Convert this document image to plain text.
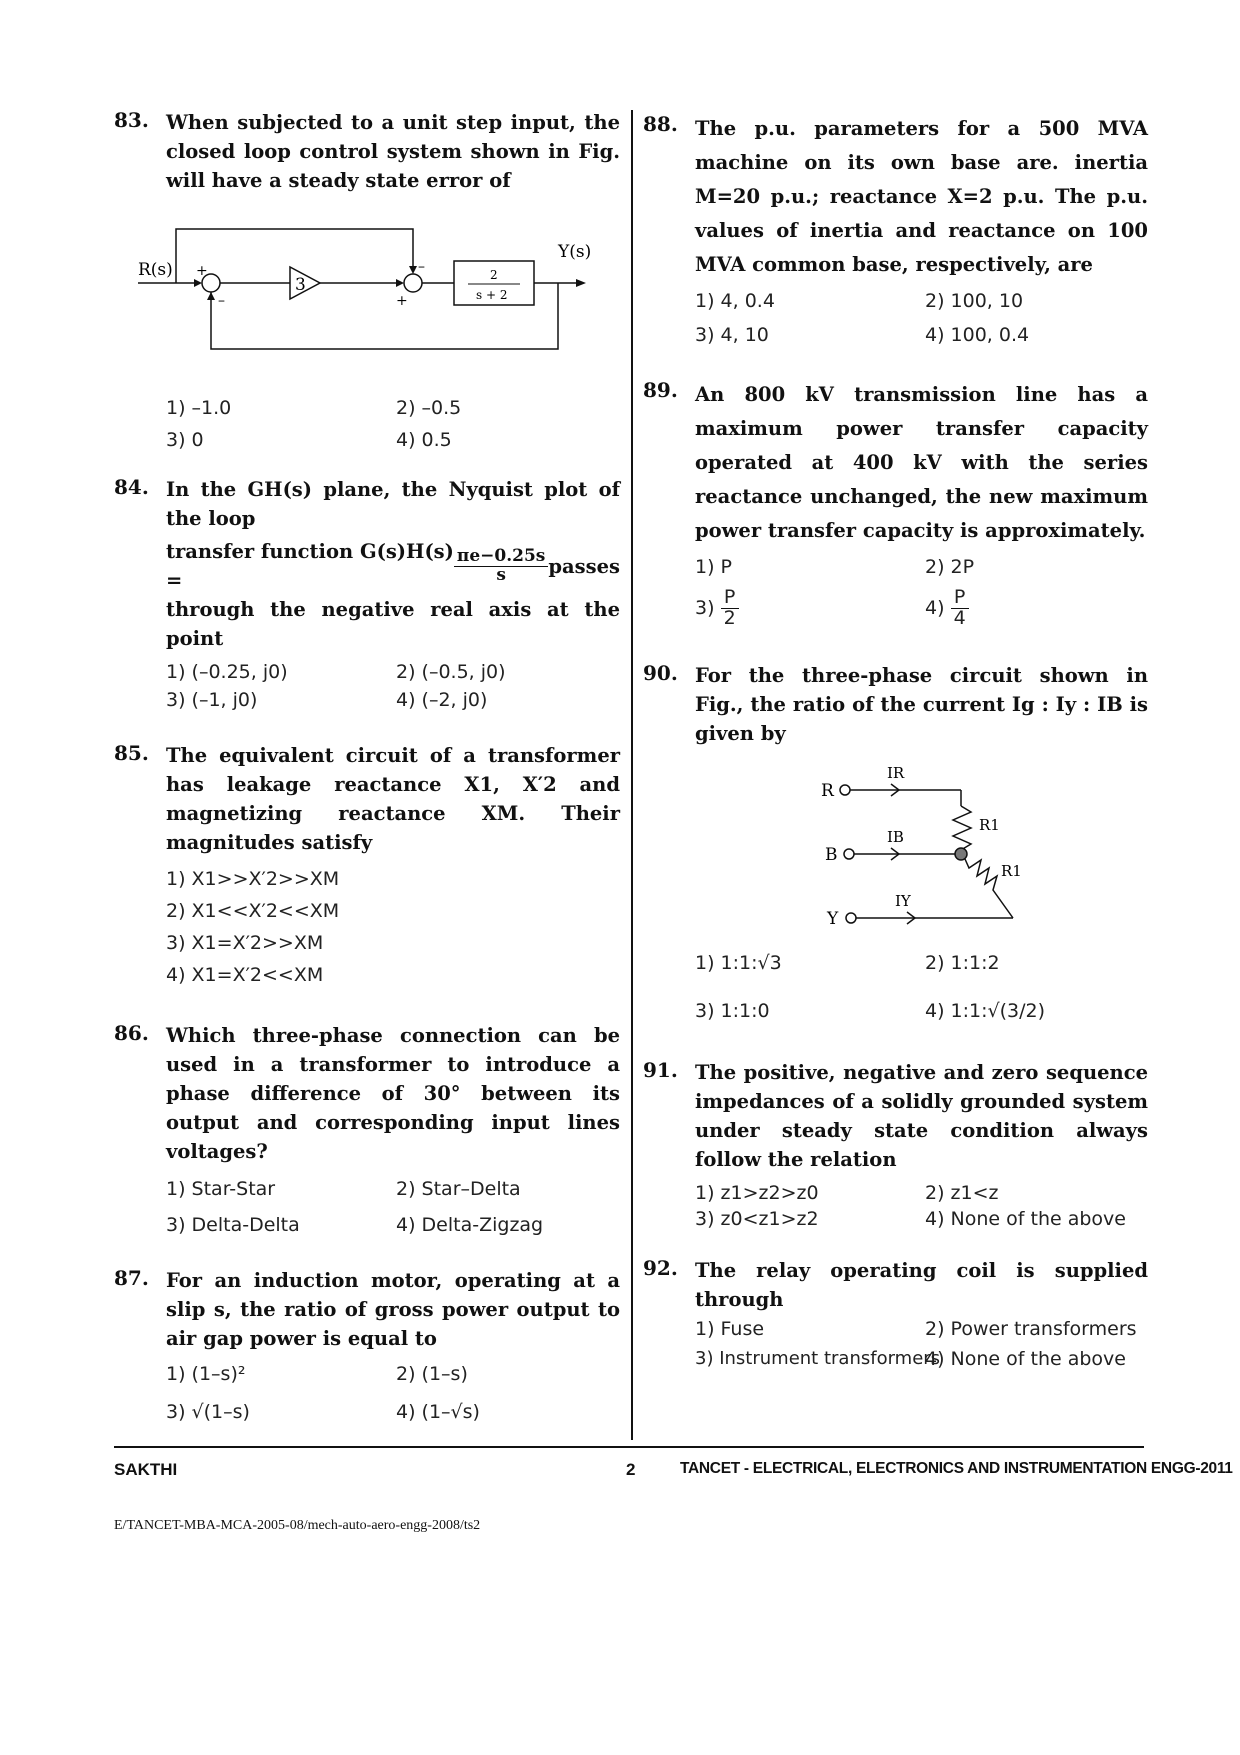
83. When subjected to a unit step input, the closed loop control system shown in Fig. will have a steady state error of
R(s) +
–
3
–
+
2
s + 2
Y(s)
1) –1.0	2) –0.5
3) 0	4) 0.5
84. In the GH(s) plane, the Nyquist plot of the loop
transfer function G(s)H(s) =	$\frac{\pi e-0.25s}{s}$ passes
through the negative real axis at the point
1) (–0.25, j0)	2) (–0.5, j0)
3) (–1, j0)	4) (–2, j0)
85. The equivalent circuit of a transformer has leakage reactance X1, X′2 and magnetizing reactance XM. Their magnitudes satisfy
1) X1>>X′2>>XM
2) X1<<X′2<<XM
3) X1=X′2>>XM
4) X1=X′2<<XM
86. Which three-phase connection can be used in a transformer to introduce a phase difference of 30° between its output and corresponding input lines voltages?
1) Star-Star	2) Star–Delta
3) Delta-Delta	4) Delta-Zigzag
87. For an induction motor, operating at a slip s, the ratio of gross power output to air gap power is equal to
1) (1–s)²	2) (1–s)
3) √(1–s)	4) (1–√s)
88. The p.u. parameters for a 500 MVA machine on its own base are. inertia M=20 p.u.; reactance X=2 p.u. The p.u. values of inertia and reactance on 100 MVA common base, respectively, are
1) 4, 0.4	2) 100, 10
3) 4, 10	4) 100, 0.4
89. An 800 kV transmission line has a maximum power transfer capacity operated at 400 kV with the series reactance unchanged, the new maximum power transfer capacity is approximately.
1) P	2) 2P
$3) \frac{P}{2}$	$4) \frac{P}{4}$
90. For the three-phase circuit shown in Fig., the ratio of the current Ig : Iy : IB is given by
R
IR
R1
B
IB
R1
Y
IY
1) 1:1:√3	2) 1:1:2
3) 1:1:0	4) 1:1:√(3/2)
91. The positive, negative and zero sequence impedances of a solidly grounded system under steady state condition always follow the relation
1) z1>z2>z0	2) z1<z
3) z0<z1>z2	4) None of the above
92. The relay operating coil is supplied through
1) Fuse	2) Power transformers
3) Instrument transformers
4) None of the above
SAKTHI	2	TANCET - ELECTRICAL, ELECTRONICS AND INSTRUMENTATION ENGG-2011
E/TANCET-MBA-MCA-2005-08/mech-auto-aero-engg-2008/ts2
